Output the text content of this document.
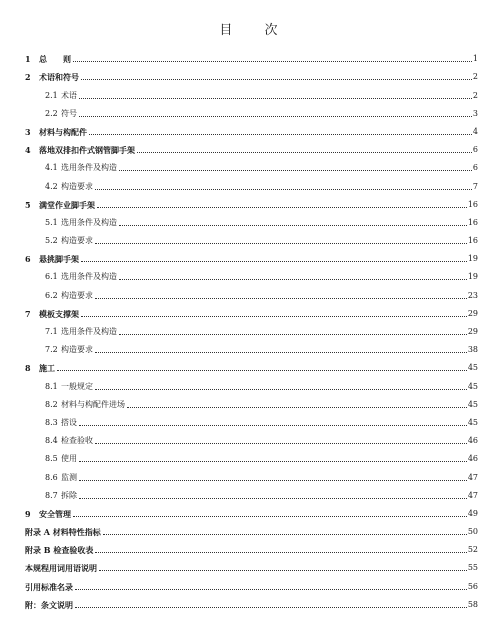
目 次
1	总　　则	1
2	术语和符号	2
2.1 术语	2
2.2 符号	3
3	材料与构配件	4
4	落地双排扣件式钢管脚手架	6
4.1 选用条件及构造	6
4.2 构造要求	7
5	满堂作业脚手架	16
5.1 选用条件及构造	16
5.2 构造要求	16
6	悬挑脚手架	19
6.1 选用条件及构造	19
6.2 构造要求	23
7	模板支撑架	29
7.1 选用条件及构造	29
7.2 构造要求	38
8	施工	45
8.1 一般规定	45
8.2 材料与构配件进场	45
8.3 搭设	45
8.4 检查验收	46
8.5 使用	46
8.6 监测	47
8.7 拆除	47
9	安全管理	49
附录 A 材料特性指标	50
附录 B 检查验收表	52
本规程用词用语说明	55
引用标准名录	56
附：条文说明	58
